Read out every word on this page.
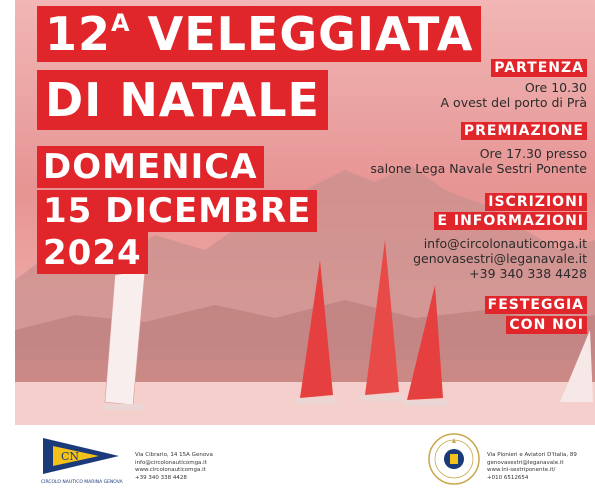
$12^A$ VELEGGIATA
DI NATALE
DOMENICA
15 DICEMBRE
2024
PARTENZA
Ore 10.30
A ovest del porto di Prà
PREMIAZIONE
Ore 17.30 presso
salone Lega Navale Sestri Ponente
ISCRIZIONI
E INFORMAZIONI
info@circolonauticomga.it
genovasestri@leganavale.it
+39 340 338 4428
FESTEGGIA
CON NOI
CN
CIRCOLO NAUTICO MARINA GENOVA
Via Cibrario, 14 15A Genova
info@circolonauticomga.it
www.circolonauticomga.it
+39 340 338 4428
Via Pionieri e Aviatori D'Italia, 89
genovasestri@leganavale.it
www.lni-sestriponente.it/
+010 6512654
